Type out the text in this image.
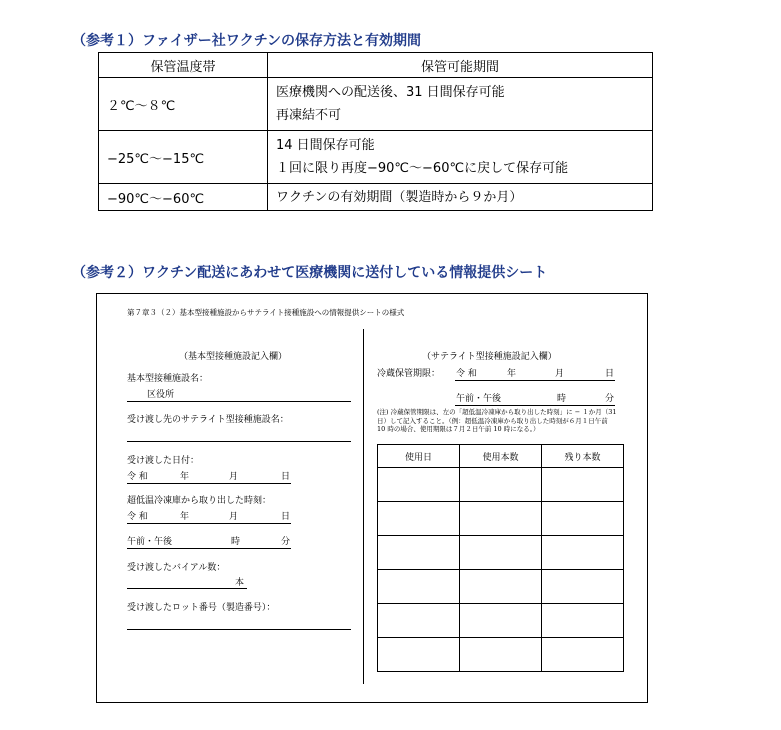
（参考１）ファイザー社ワクチンの保存方法と有効期間
保管温度帯	保管可能期間
２℃～８℃	医療機関への配送後、31 日間保存可能
再凍結不可

−25℃～−15℃	14 日間保存可能
１回に限り再度−90℃～−60℃に戻して保存可能

−90℃～−60℃	ワクチンの有効期間（製造時から９か月）
（参考２）ワクチン配送にあわせて医療機関に送付している情報提供シート
第７章３（２）基本型接種施設からサテライト接種施設への情報提供シートの様式
（基本型接種施設記入欄）
基本型接種施設名：
区役所
受け渡し先のサテライト型接種施設名：
受け渡した日付：
令 和	年	月	日
超低温冷凍庫から取り出した時刻：
令 和	年	月	日
午前・午後	時	分
受け渡したバイアル数：
本
受け渡したロット番号（製造番号）：
（サテライト型接種施設記入欄）
冷蔵保管期限： 令 和	年	月	日
午前・午後	時	分
(注) 冷蔵保管期限は、左の「超低温冷凍庫から取り出した時刻」に − １か月（31日）して記入すること。（例：超低温冷凍庫から取り出した時刻が６月１日午前 10 時の場合、使用期限は７月２日午前 10 時になる。）
使用日	使用本数	残り本数
